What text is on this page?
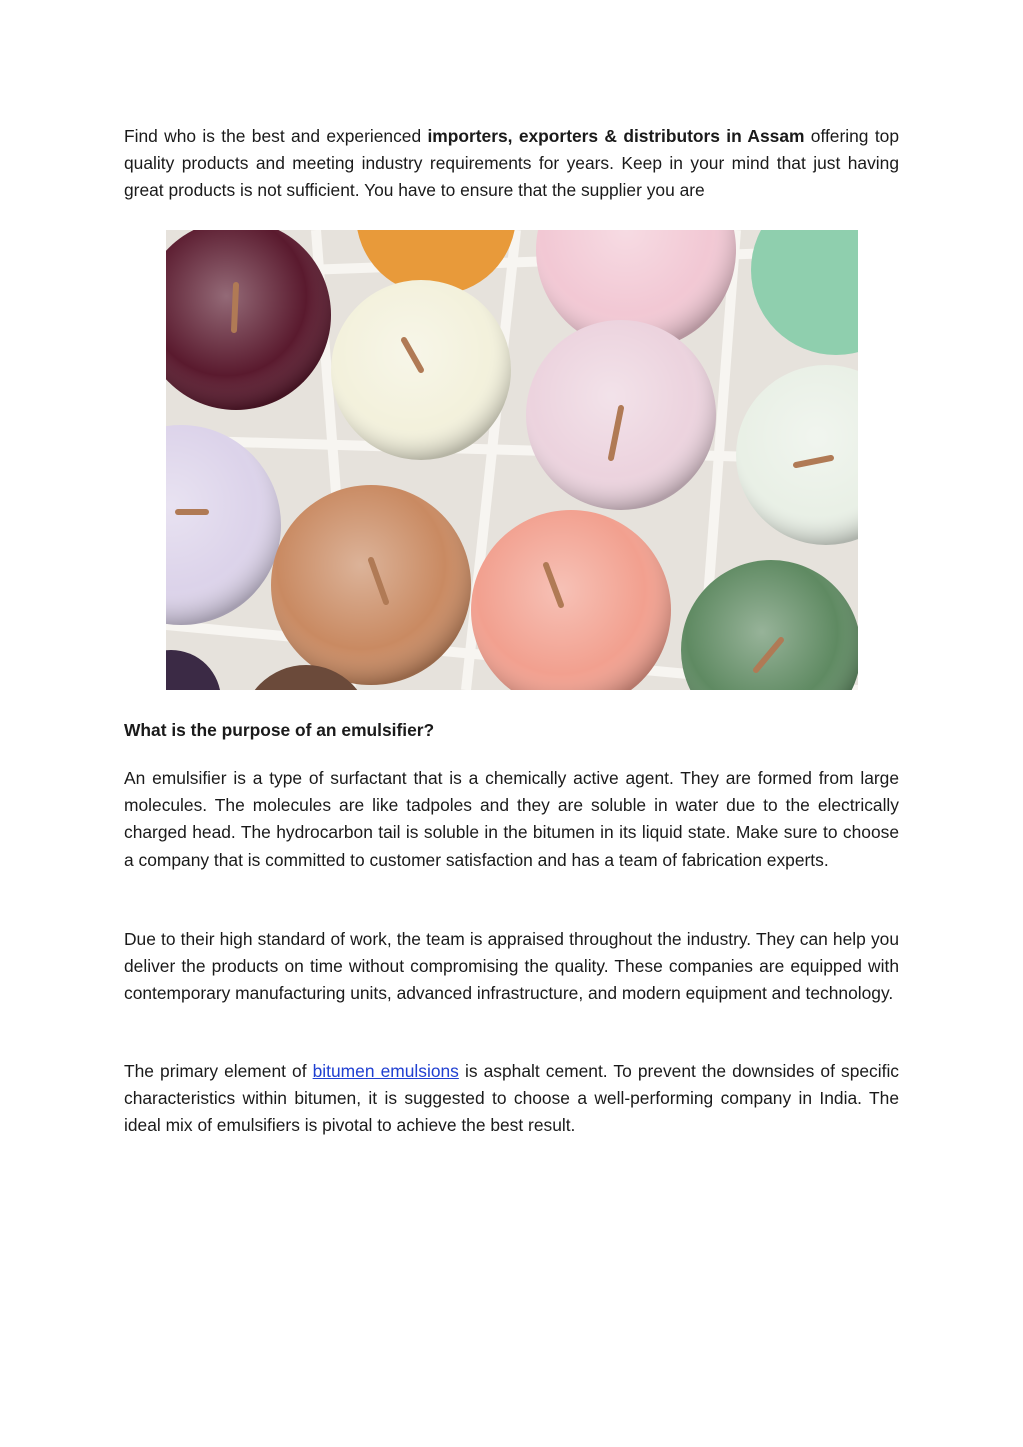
Find who is the best and experienced importers, exporters & distributors in Assam offering top quality products and meeting industry requirements for years. Keep in your mind that just having great products is not sufficient. You have to ensure that the supplier you are

What is the purpose of an emulsifier?

An emulsifier is a type of surfactant that is a chemically active agent. They are formed from large molecules. The molecules are like tadpoles and they are soluble in water due to the electrically charged head. The hydrocarbon tail is soluble in the bitumen in its liquid state. Make sure to choose a company that is committed to customer satisfaction and has a team of fabrication experts.

Due to their high standard of work, the team is appraised throughout the industry. They can help you deliver the products on time without compromising the quality. These companies are equipped with contemporary manufacturing units, advanced infrastructure, and modern equipment and technology.

The primary element of bitumen emulsions is asphalt cement. To prevent the downsides of specific characteristics within bitumen, it is suggested to choose a well-performing company in India. The ideal mix of emulsifiers is pivotal to achieve the best result.
